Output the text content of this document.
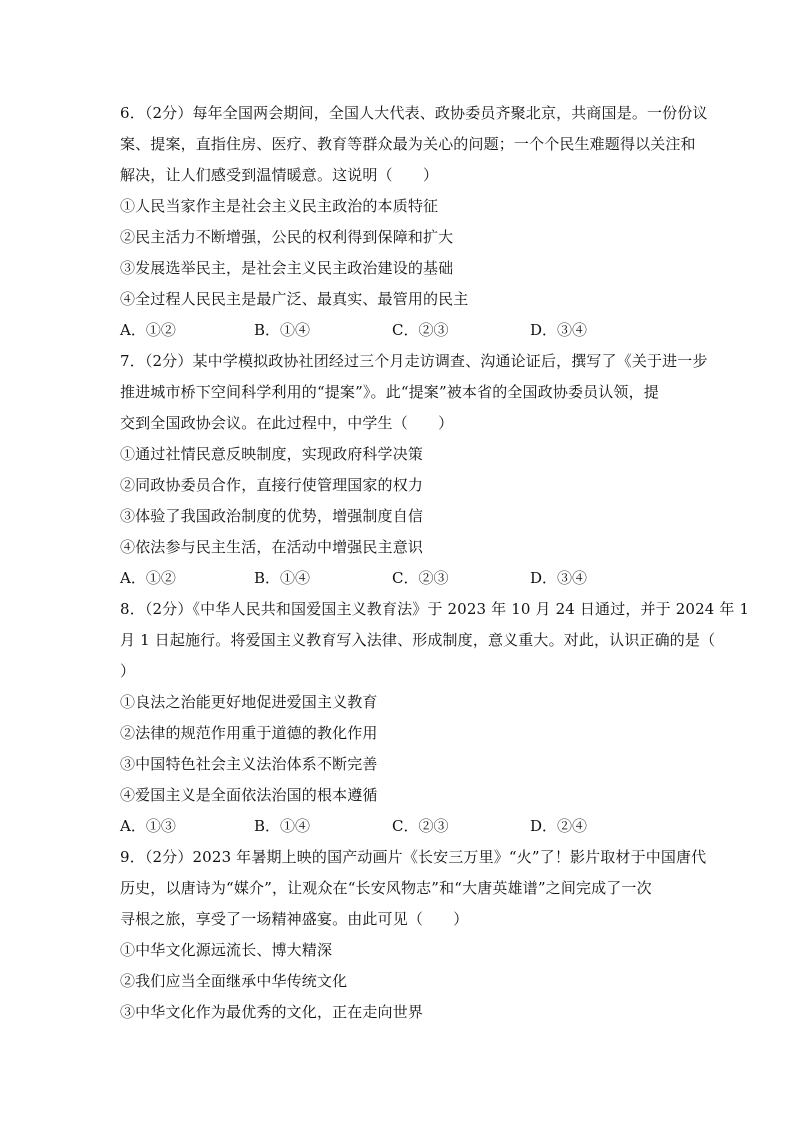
6．（2分）每年全国两会期间，全国人大代表、政协委员齐聚北京，共商国是。一份份议
案、提案，直指住房、医疗、教育等群众最为关心的问题；一个个民生难题得以关注和
解决，让人们感受到温情暖意。这说明（　　）
①人民当家作主是社会主义民主政治的本质特征
②民主活力不断增强，公民的权利得到保障和扩大
③发展选举民主，是社会主义民主政治建设的基础
④全过程人民民主是最广泛、最真实、最管用的民主
A．①②	B．①④	C．②③	D．③④
7．（2分）某中学模拟政协社团经过三个月走访调查、沟通论证后，撰写了《关于进一步
推进城市桥下空间科学利用的“提案”》。此“提案”被本省的全国政协委员认领，提
交到全国政协会议。在此过程中，中学生（　　）
①通过社情民意反映制度，实现政府科学决策
②同政协委员合作，直接行使管理国家的权力
③体验了我国政治制度的优势，增强制度自信
④依法参与民主生活，在活动中增强民主意识
A．①②	B．①④	C．②③	D．③④
8．（2分）《中华人民共和国爱国主义教育法》于 2023 年 10 月 24 日通过，并于 2024 年 1
月 1 日起施行。将爱国主义教育写入法律、形成制度，意义重大。对此，认识正确的是（
）
①良法之治能更好地促进爱国主义教育
②法律的规范作用重于道德的教化作用
③中国特色社会主义法治体系不断完善
④爱国主义是全面依法治国的根本遵循
A．①③	B．①④	C．②③	D．②④
9．（2分）2023 年暑期上映的国产动画片《长安三万里》“火”了！影片取材于中国唐代
历史，以唐诗为“媒介”，让观众在“长安风物志”和“大唐英雄谱”之间完成了一次
寻根之旅，享受了一场精神盛宴。由此可见（　　）
①中华文化源远流长、博大精深
②我们应当全面继承中华传统文化
③中华文化作为最优秀的文化，正在走向世界
